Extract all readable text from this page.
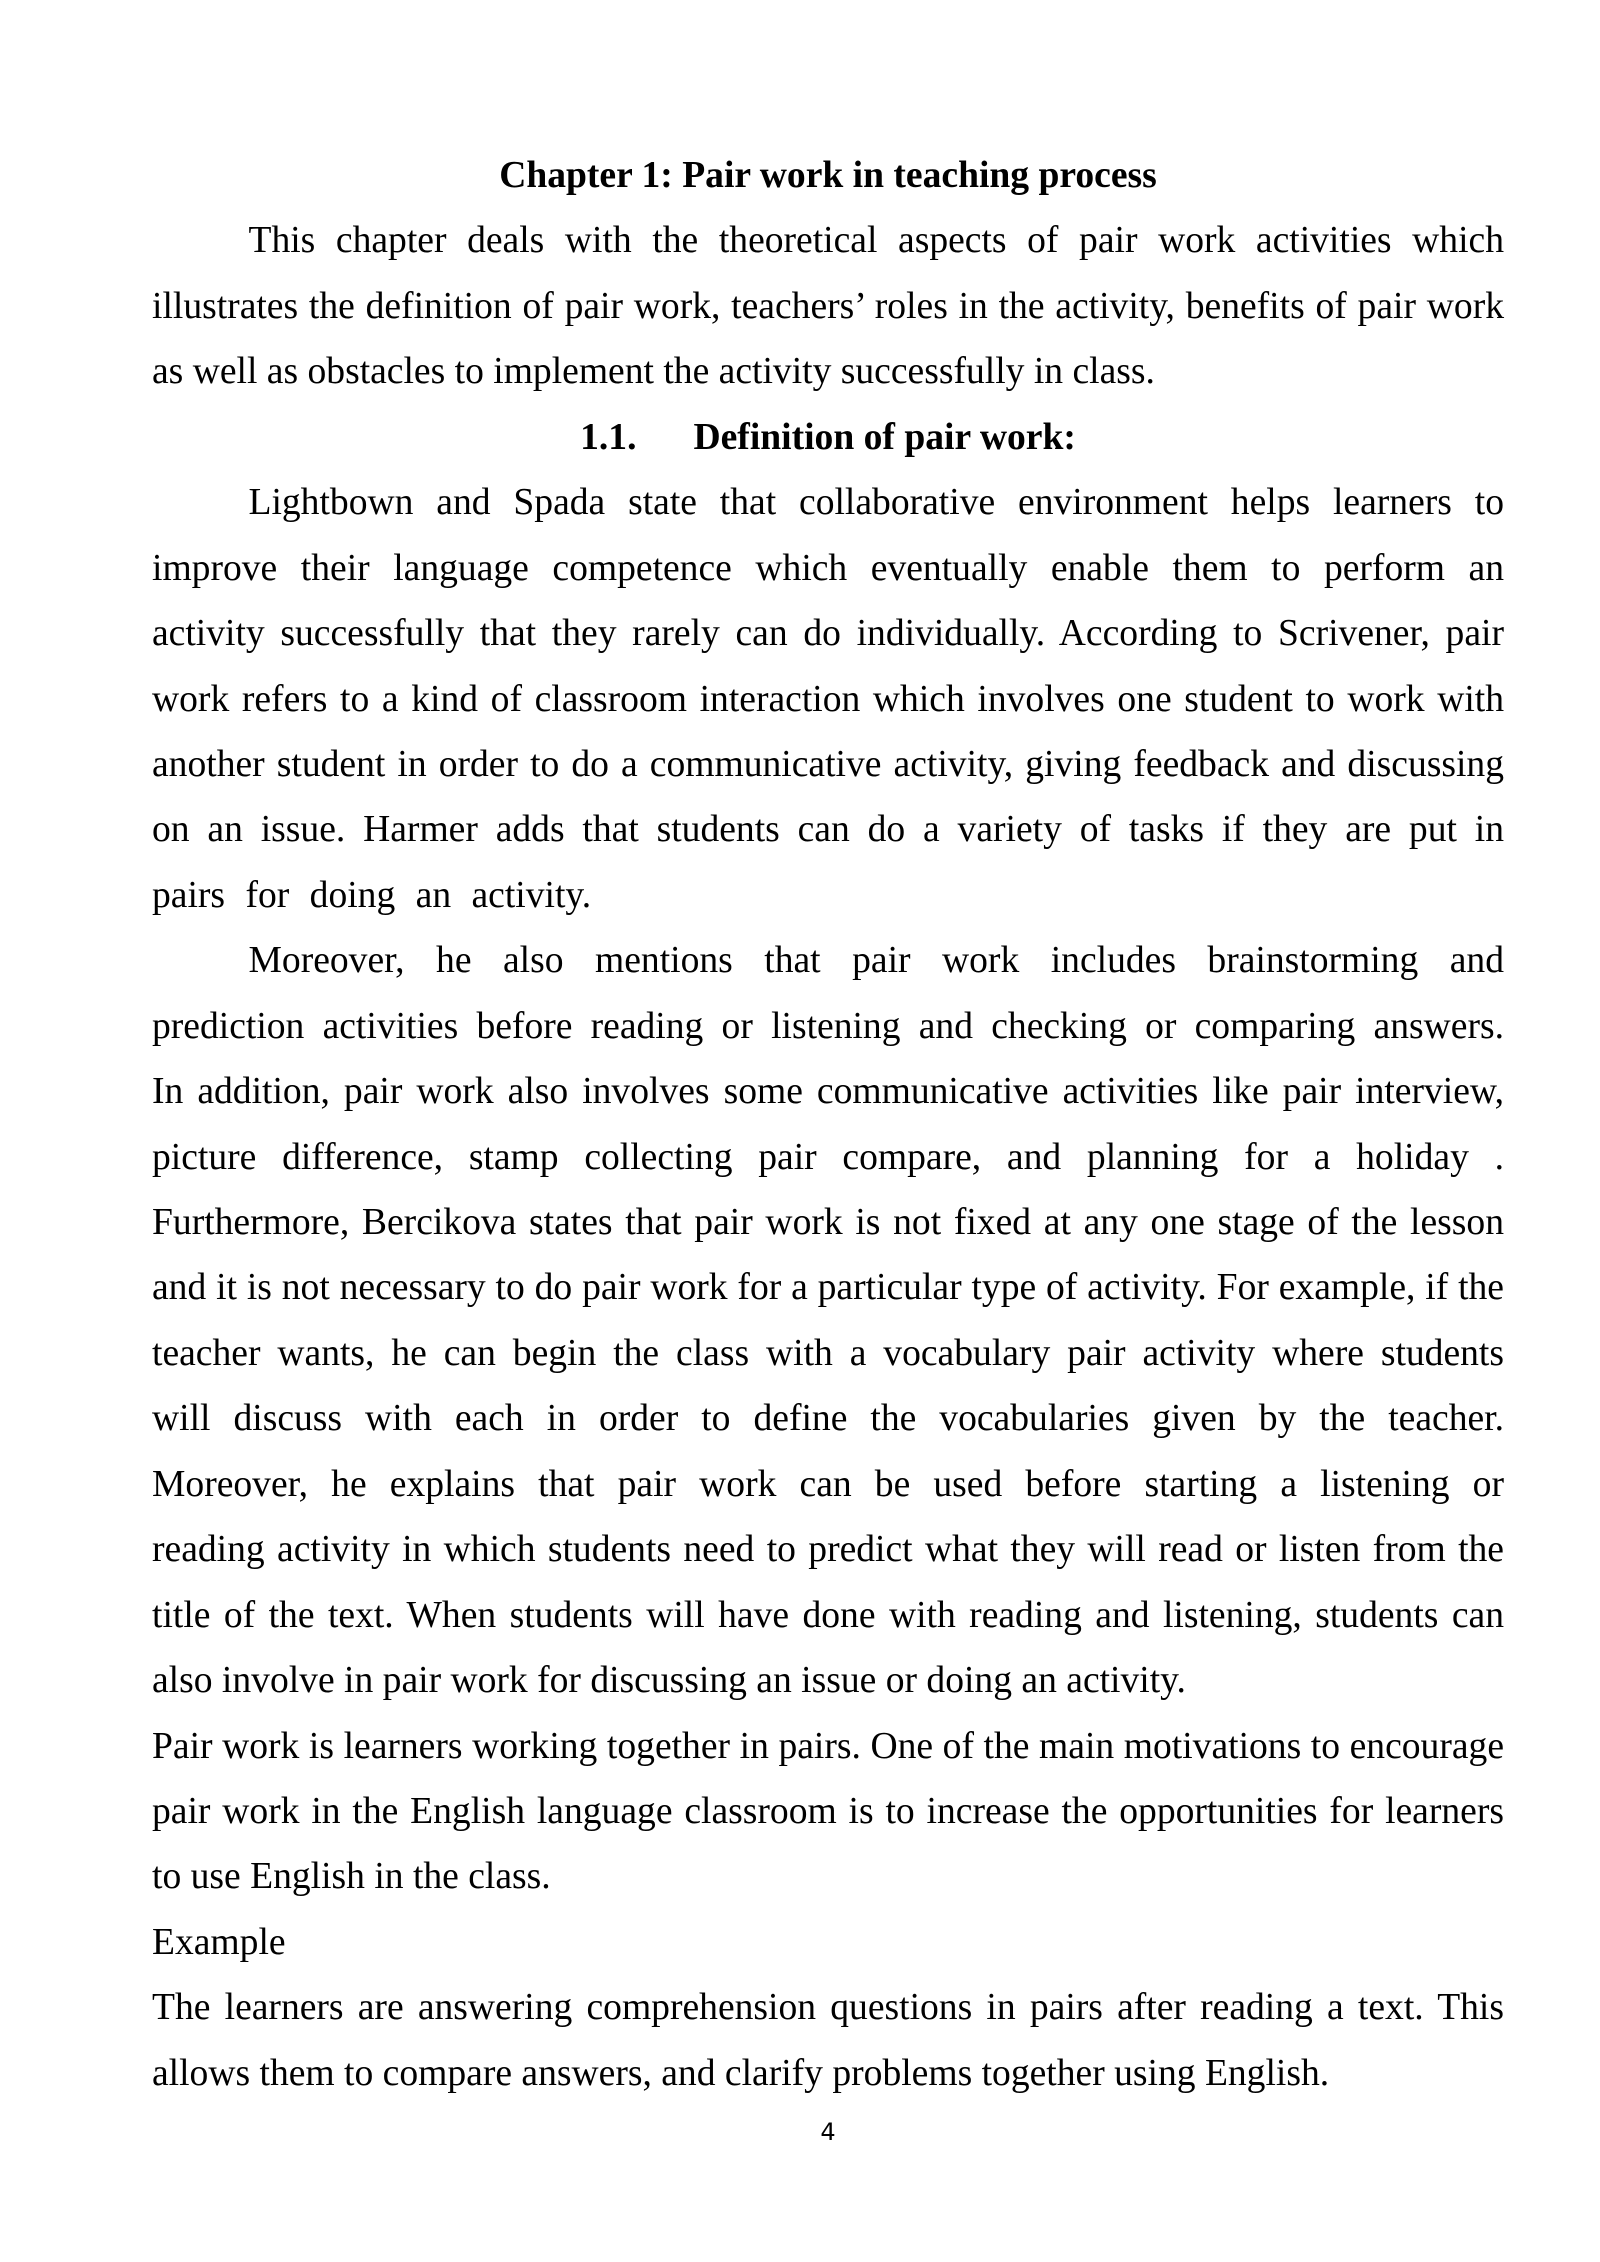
Chapter 1: Pair work in teaching process
This chapter deals with the theoretical aspects of pair work activities which
illustrates the definition of pair work, teachers’ roles in the activity, benefits of pair work
as well as obstacles to implement the activity successfully in class.
1.1. Definition of pair work:
Lightbown and Spada state that collaborative environment helps learners to
improve their language competence which eventually enable them to perform an
activity successfully that they rarely can do individually. According to Scrivener, pair
work refers to a kind of classroom interaction which involves one student to work with
another student in order to do a communicative activity, giving feedback and discussing
on an issue. Harmer adds that students can do a variety of tasks if they are put in
pairs for doing an activity.
Moreover, he also mentions that pair work includes brainstorming and
prediction activities before reading or listening and checking or comparing answers.
In addition, pair work also involves some communicative activities like pair interview,
picture difference, stamp collecting pair compare, and planning for a holiday .
Furthermore, Bercikova states that pair work is not fixed at any one stage of the lesson
and it is not necessary to do pair work for a particular type of activity. For example, if the
teacher wants, he can begin the class with a vocabulary pair activity where students
will discuss with each in order to define the vocabularies given by the teacher.
Moreover, he explains that pair work can be used before starting a listening or
reading activity in which students need to predict what they will read or listen from the
title of the text. When students will have done with reading and listening, students can
also involve in pair work for discussing an issue or doing an activity.
Pair work is learners working together in pairs. One of the main motivations to encourage
pair work in the English language classroom is to increase the opportunities for learners
to use English in the class.
Example
The learners are answering comprehension questions in pairs after reading a text. This
allows them to compare answers, and clarify problems together using English.
4
